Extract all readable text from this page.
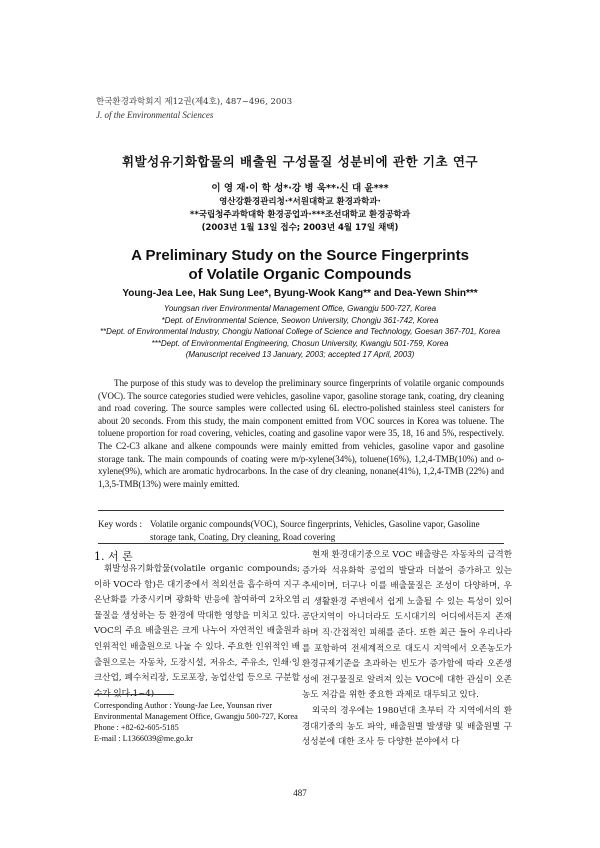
한국환경과학회지 제12권(제4호), 487~496, 2003
J. of the Environmental Sciences
휘발성유기화합물의 배출원 구성물질 성분비에 관한 기초 연구
이 영 재·이 학 성*·강 병 욱**·신 대 윤***
영산강환경관리청·*서원대학교 환경과학과·
**국립청주과학대학 환경공업과·***조선대학교 환경공학과
(2003년 1월 13일 접수; 2003년 4월 17일 채택)
A Preliminary Study on the Source Fingerprints
of Volatile Organic Compounds
Young-Jea Lee, Hak Sung Lee*, Byung-Wook Kang** and Dea-Yewn Shin***
Youngsan river Environmental Management Office, Gwangju 500-727, Korea
*Dept. of Environmental Science, Seowon University, Chongju 361-742, Korea
**Dept. of Environmental Industry, Chongju National College of Science and Technology, Goesan 367-701, Korea
***Dept. of Environmental Engineering, Chosun University, Kwangju 501-759, Korea
(Manuscript received 13 January, 2003; accepted 17 April, 2003)
The purpose of this study was to develop the preliminary source fingerprints of volatile organic compounds (VOC). The source categories studied were vehicles, gasoline vapor, gasoline storage tank, coating, dry cleaning and road covering. The source samples were collected using 6L electro-polished stainless steel canisters for about 20 seconds. From this study, the main component emitted from VOC sources in Korea was toluene. The toluene proportion for road covering, vehicles, coating and gasoline vapor were 35, 18, 16 and 5%, respectively. The C2-C3 alkane and alkene compounds were mainly emitted from vehicles, gasoline vapor and gasoline storage tank. The main compounds of coating were m/p-xylene(34%), toluene(16%), 1,2,4-TMB(10%) and o-xylene(9%), which are aromatic hydrocarbons. In the case of dry cleaning, nonane(41%), 1,2,4-TMB (22%) and 1,3,5-TMB(13%) were mainly emitted.
Key words : Volatile organic compounds(VOC), Source fingerprints, Vehicles, Gasoline vapor, Gasoline storage tank, Coating, Dry cleaning, Road covering
1. 서 론
휘발성유기화합물(volatile organic compounds; 이하 VOC라 함)은 대기중에서 적외선을 흡수하여 지구온난화를 가중시키며 광화학 반응에 참여하여 2차오염물질을 생성하는 등 환경에 막대한 영향을 미치고 있다. VOC의 주요 배출원은 크게 나누어 자연적인 배출원과 인위적인 배출원으로 나눌 수 있다. 주요한 인위적인 배출원으로는 자동차, 도장시설, 저유소, 주유소, 인쇄·잉크산업, 폐수처리장, 도로포장, 농업산업 등으로 구분할 수가 있다.1~4)

현재 환경대기중으로 VOC 배출량은 자동차의 급격한 증가와 석유화학 공업의 발달과 더불어 증가하고 있는 추세이며, 더구나 이를 배출물질은 조성이 다양하며, 우리 생활환경 주변에서 쉽게 노출될 수 있는 특성이 있어 공단지역이 아니더라도 도시대기의 어디에서든지 존재하며 직·간접적인 피해를 준다. 또한 최근 들어 우리나라를 포함하여 전세계적으로 대도시 지역에서 오존농도가 환경규제기준을 초과하는 빈도가 증가함에 따라 오존생성에 전구물질로 알려져 있는 VOC에 대한 관심이 오존농도 저감을 위한 중요한 과제로 대두되고 있다.

외국의 경우에는 1980년대 초부터 각 지역에서의 환경대기중의 농도 파악, 배출원별 발생량 및 배출원별 구성성분에 대한 조사 등 다양한 분야에서 다

Corresponding Author : Young-Jae Lee, Younsan river Environmental Management Office, Gwangju 500-727, Korea
Phone : +82-62-605-5185
E-mail : L1366039@me.go.kr
487
